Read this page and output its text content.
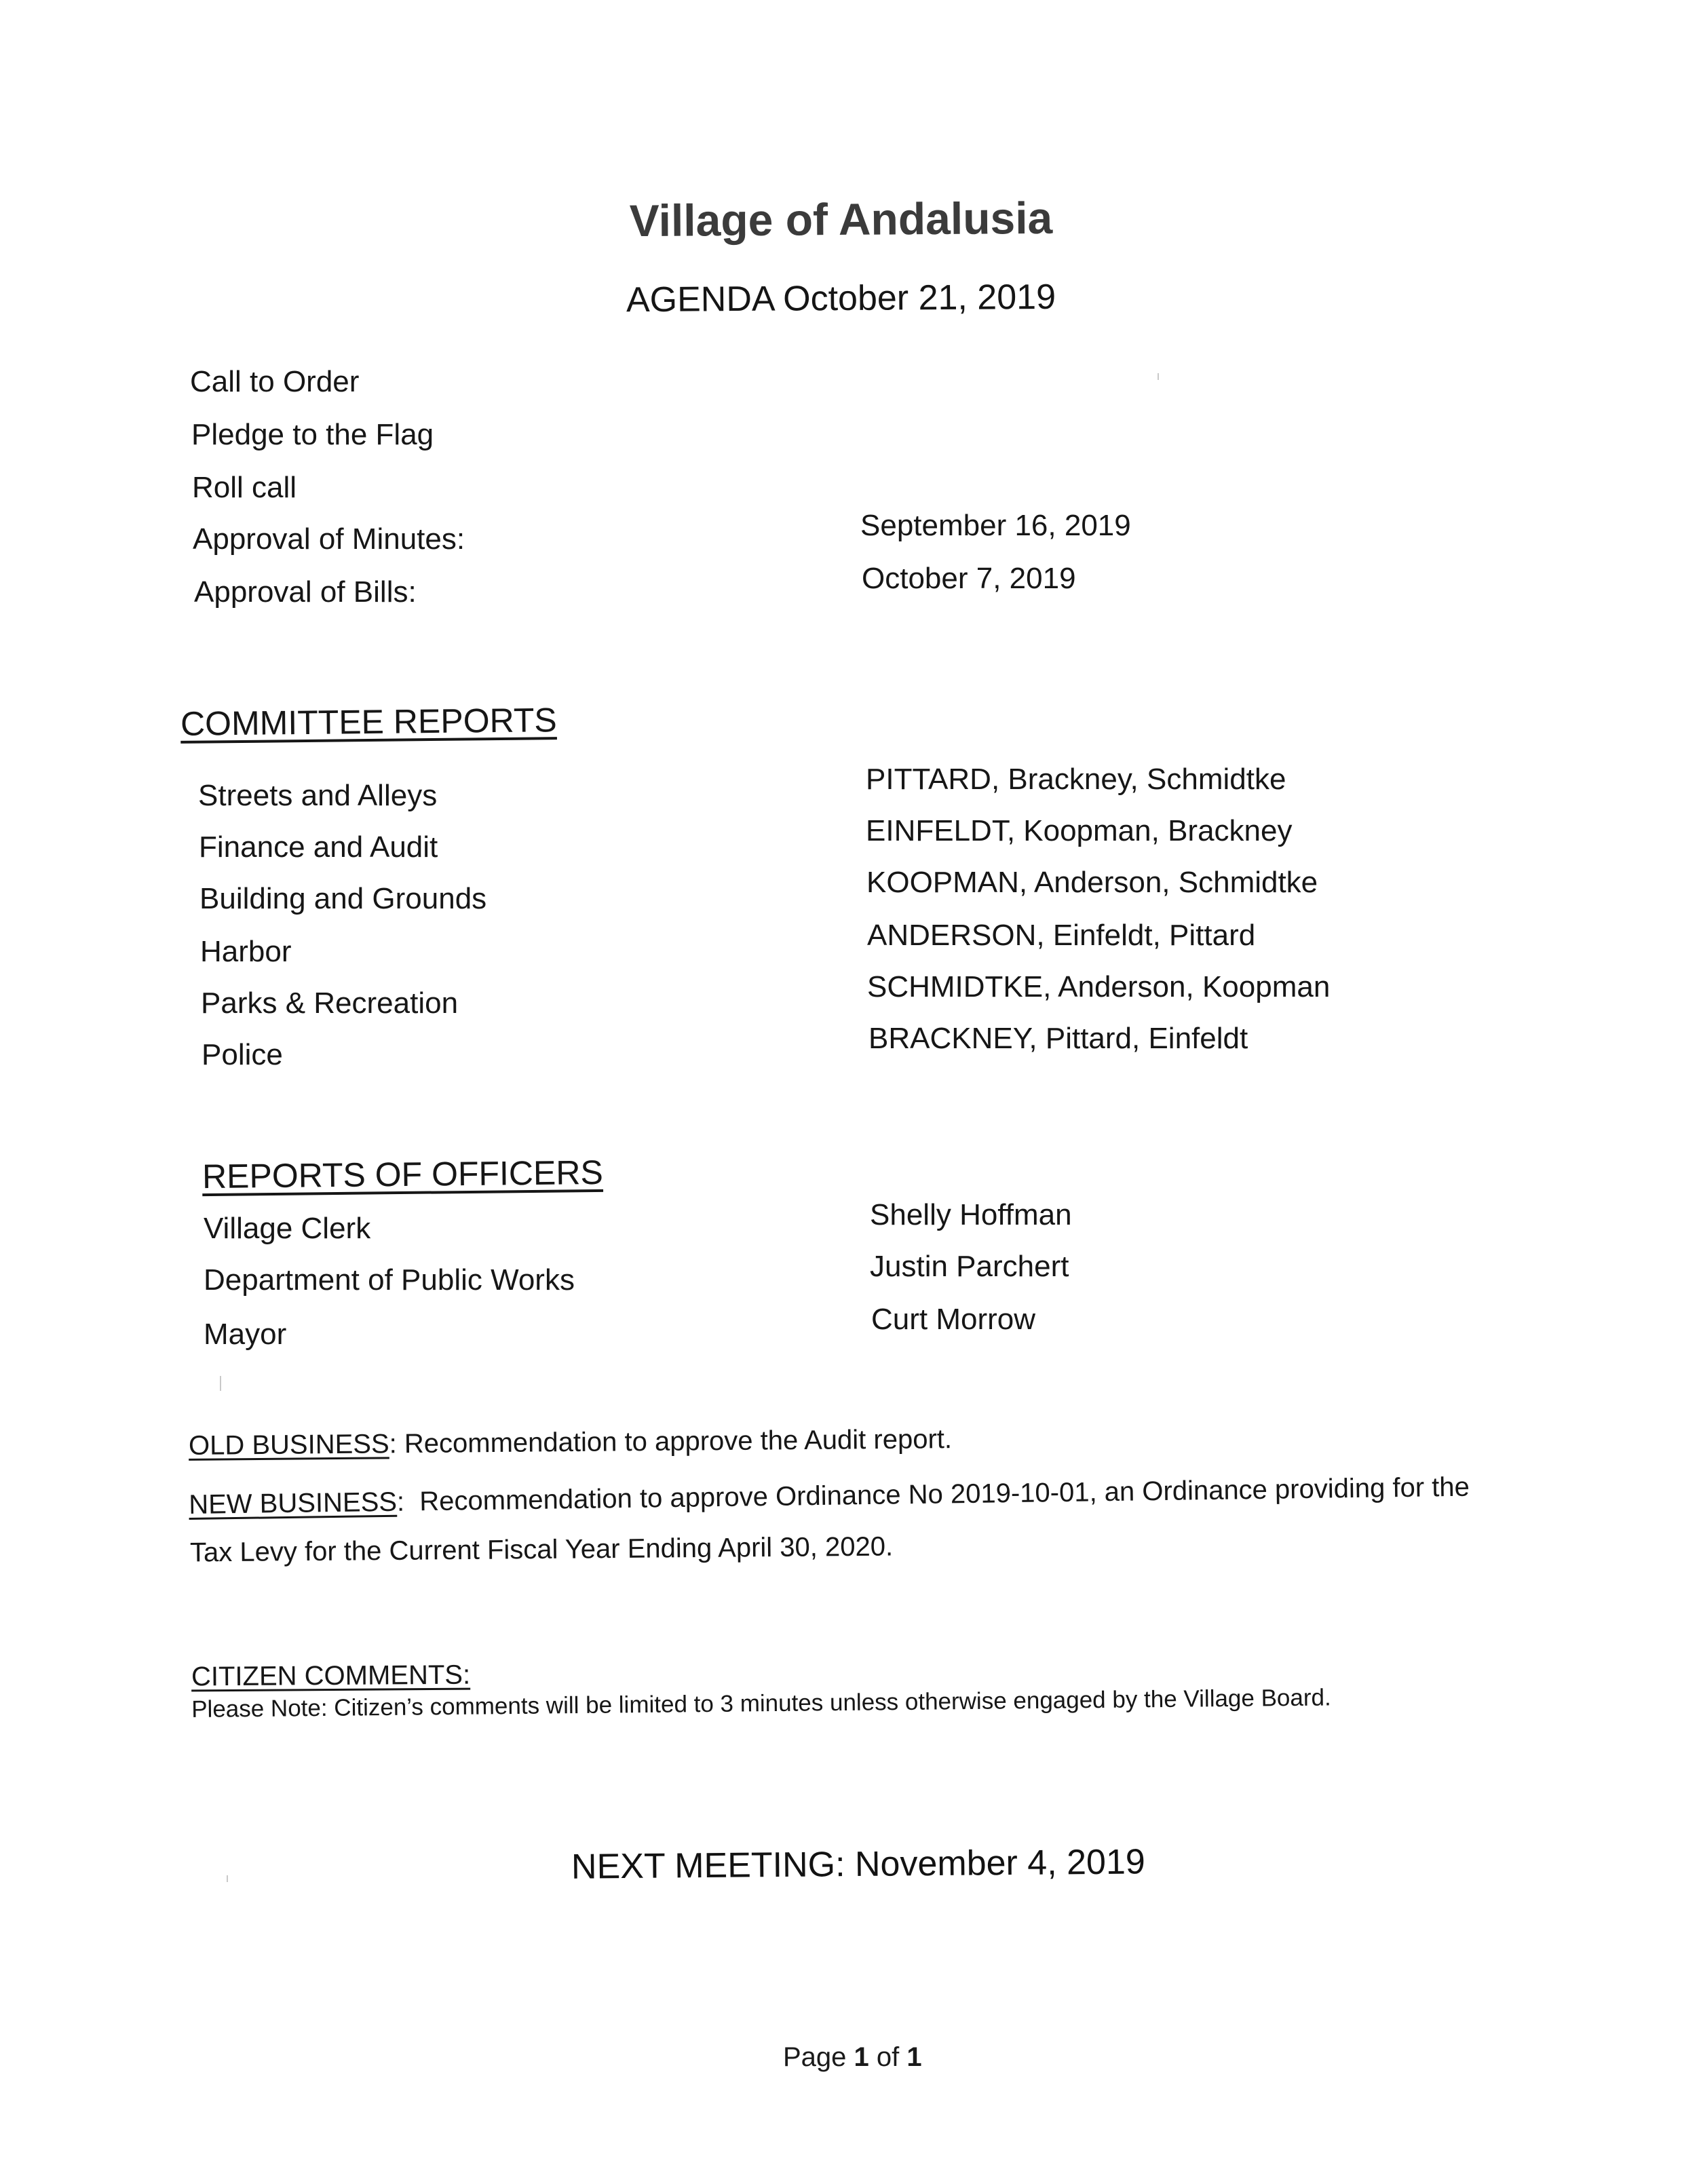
Village of Andalusia
AGENDA October 21, 2019
Call to Order
Pledge to the Flag
Roll call
Approval of Minutes:	September 16, 2019
Approval of Bills:	October 7, 2019
COMMITTEE REPORTS
Streets and Alleys	PITTARD, Brackney, Schmidtke
Finance and Audit	EINFELDT, Koopman, Brackney
Building and Grounds	KOOPMAN, Anderson, Schmidtke
Harbor	ANDERSON, Einfeldt, Pittard
Parks & Recreation	SCHMIDTKE, Anderson, Koopman
Police	BRACKNEY, Pittard, Einfeldt
REPORTS OF OFFICERS
Village Clerk	Shelly Hoffman
Department of Public Works	Justin Parchert
Mayor	Curt Morrow
OLD BUSINESS: Recommendation to approve the Audit report.
NEW BUSINESS:  Recommendation to approve Ordinance No 2019-10-01, an Ordinance providing for the
Tax Levy for the Current Fiscal Year Ending April 30, 2020.
CITIZEN COMMENTS:
Please Note: Citizen’s comments will be limited to 3 minutes unless otherwise engaged by the Village Board.
NEXT MEETING: November 4, 2019
Page 1 of 1
